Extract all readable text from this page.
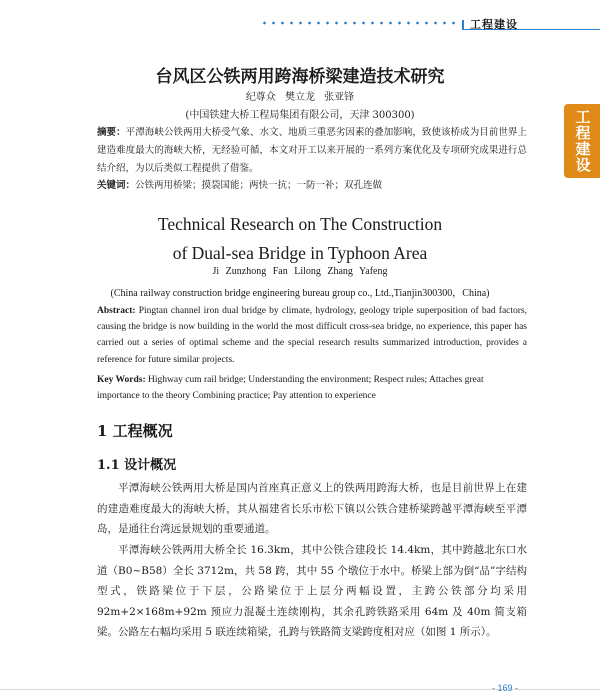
工程建设
工程建设
台风区公铁两用跨海桥梁建造技术研究

纪尊众 樊立龙 张亚锋

(中国铁建大桥工程局集团有限公司，天津 300300)

摘要：平潭海峡公铁两用大桥受气象、水文、地质三重恶劣因素的叠加影响，致使该桥成为目前世界上建造难度最大的海峡大桥，无经验可循，本文对开工以来开展的一系列方案优化及专项研究成果进行总结介绍，为以后类似工程提供了借鉴。

关键词：公铁两用桥梁；摸袋国能；两快一抗；一防一补；双孔连做

Technical Research on The Construction
of Dual-sea Bridge in Typhoon Area

Ji Zunzhong Fan Lilong Zhang Yafeng

(China railway construction bridge engineering bureau group co., Ltd.,Tianjin300300，China)

Abstract: Pingtan channel iron dual bridge by climate, hydrology, geology triple superposition of bad factors, causing the bridge is now building in the world the most difficult cross-sea bridge, no experience, this paper has carried out a series of optimal scheme and the special research results summarized introduction, provides a reference for future similar projects.

Key Words: Highway cum rail bridge; Understanding the environment; Respect rules; Attaches great importance to the theory Combining practice; Pay attention to experience

1 工程概况
1.1 设计概况

平潭海峡公铁两用大桥是国内首座真正意义上的铁两用跨海大桥，也是目前世界上在建的建造难度最大的海峡大桥，其从福建省长乐市松下镇以公铁合建桥梁跨越平潭海峡至平潭岛，是通往台湾远景规划的重要通道。

平潭海峡公铁两用大桥全长 16.3km，其中公铁合建段长 14.4km，其中跨越北东口水道（B0~B58）全长 3712m，共 58 跨，其中 55 个墩位于水中。桥梁上部为倒“品”字结构型式，铁路梁位于下层，公路梁位于上层分两幅设置，主跨公铁部分均采用 92m+2×168m+92m 预应力混凝土连续刚构，其余孔跨铁路采用 64m 及 40m 简支箱梁。公路左右幅均采用 5 联连续箱梁，孔跨与铁路简支梁跨度相对应（如图 1 所示）。

- 169 -
